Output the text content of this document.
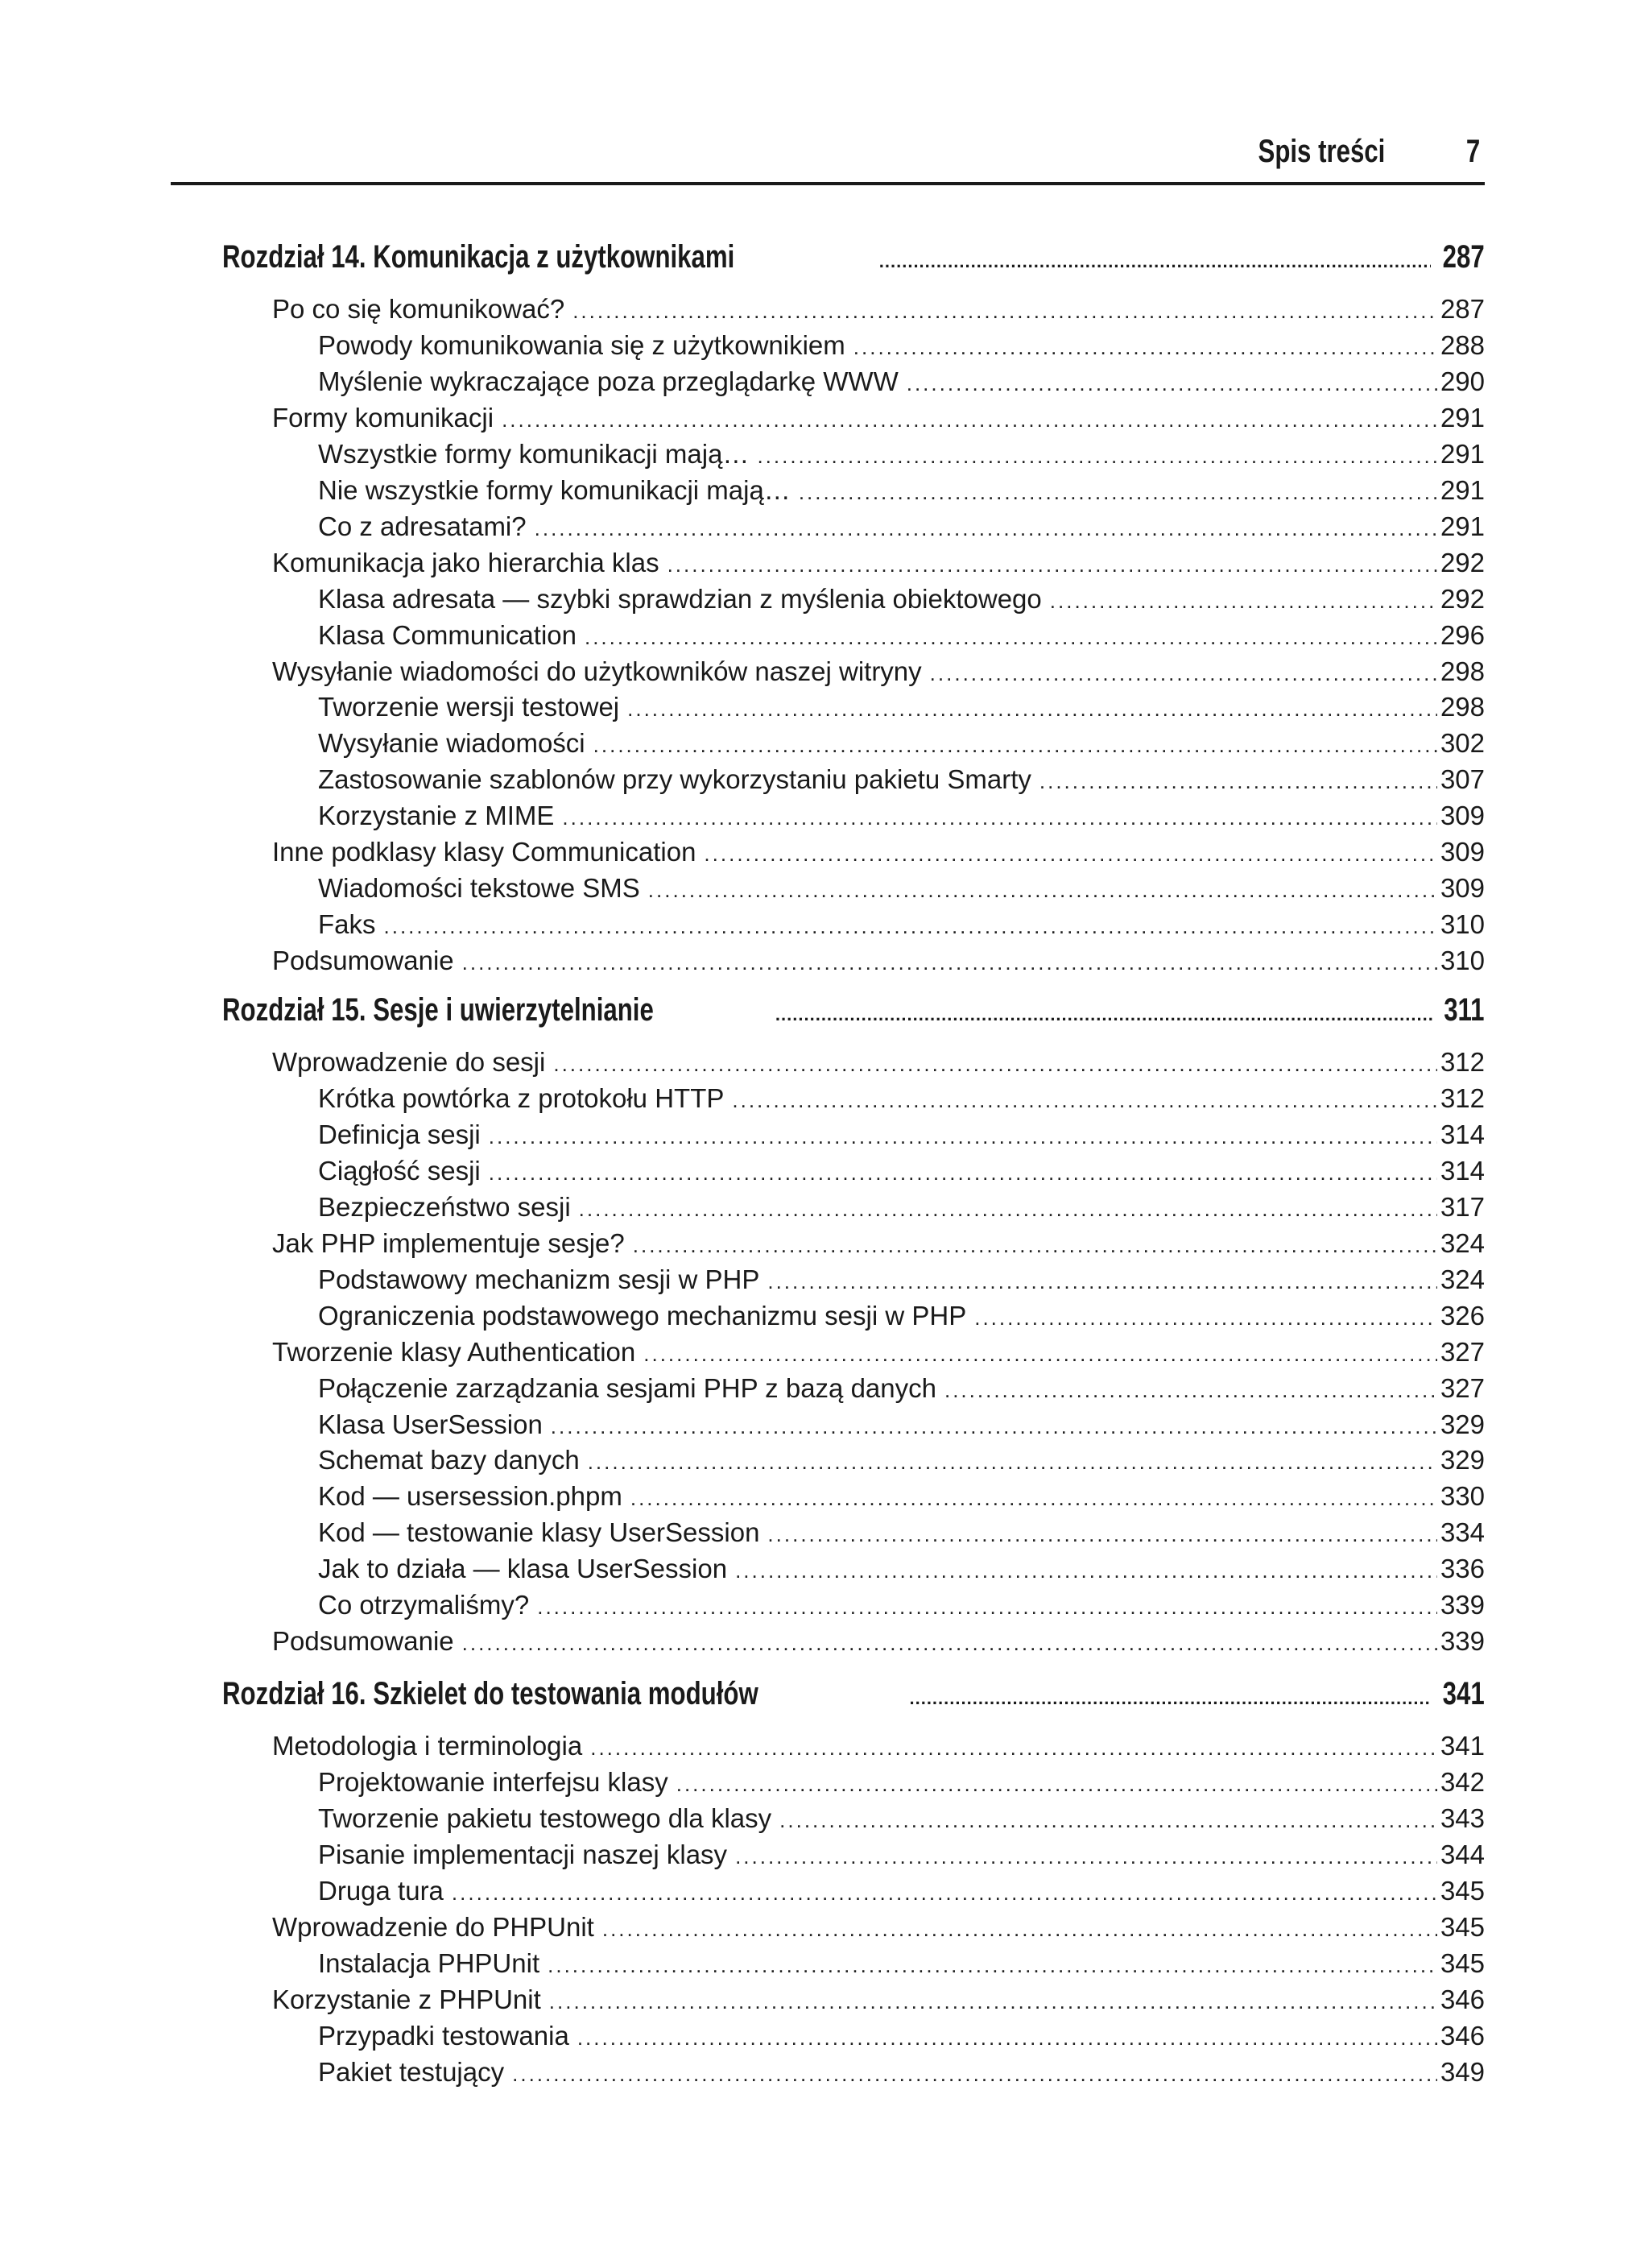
Spis treści	7
Rozdział 14. Komunikacja z użytkownikami .....	287
Po co się komunikować? .....	287
Powody komunikowania się z użytkownikiem .....	288
Myślenie wykraczające poza przeglądarkę WWW .....	290
Formy komunikacji .....	291
Wszystkie formy komunikacji mają… .....	291
Nie wszystkie formy komunikacji mają… .....	291
Co z adresatami? .....	291
Komunikacja jako hierarchia klas .....	292
Klasa adresata — szybki sprawdzian z myślenia obiektowego .....	292
Klasa Communication .....	296
Wysyłanie wiadomości do użytkowników naszej witryny .....	298
Tworzenie wersji testowej .....	298
Wysyłanie wiadomości .....	302
Zastosowanie szablonów przy wykorzystaniu pakietu Smarty .....	307
Korzystanie z MIME .....	309
Inne podklasy klasy Communication .....	309
Wiadomości tekstowe SMS .....	309
Faks .....	310
Podsumowanie .....	310
Rozdział 15. Sesje i uwierzytelnianie .....	311
Wprowadzenie do sesji .....	312
Krótka powtórka z protokołu HTTP .....	312
Definicja sesji .....	314
Ciągłość sesji .....	314
Bezpieczeństwo sesji .....	317
Jak PHP implementuje sesje? .....	324
Podstawowy mechanizm sesji w PHP .....	324
Ograniczenia podstawowego mechanizmu sesji w PHP .....	326
Tworzenie klasy Authentication .....	327
Połączenie zarządzania sesjami PHP z bazą danych .....	327
Klasa UserSession .....	329
Schemat bazy danych .....	329
Kod — usersession.phpm .....	330
Kod — testowanie klasy UserSession .....	334
Jak to działa — klasa UserSession .....	336
Co otrzymaliśmy? .....	339
Podsumowanie .....	339
Rozdział 16. Szkielet do testowania modułów .....	341
Metodologia i terminologia .....	341
Projektowanie interfejsu klasy .....	342
Tworzenie pakietu testowego dla klasy .....	343
Pisanie implementacji naszej klasy .....	344
Druga tura .....	345
Wprowadzenie do PHPUnit .....	345
Instalacja PHPUnit .....	345
Korzystanie z PHPUnit .....	346
Przypadki testowania .....	346
Pakiet testujący .....	349
